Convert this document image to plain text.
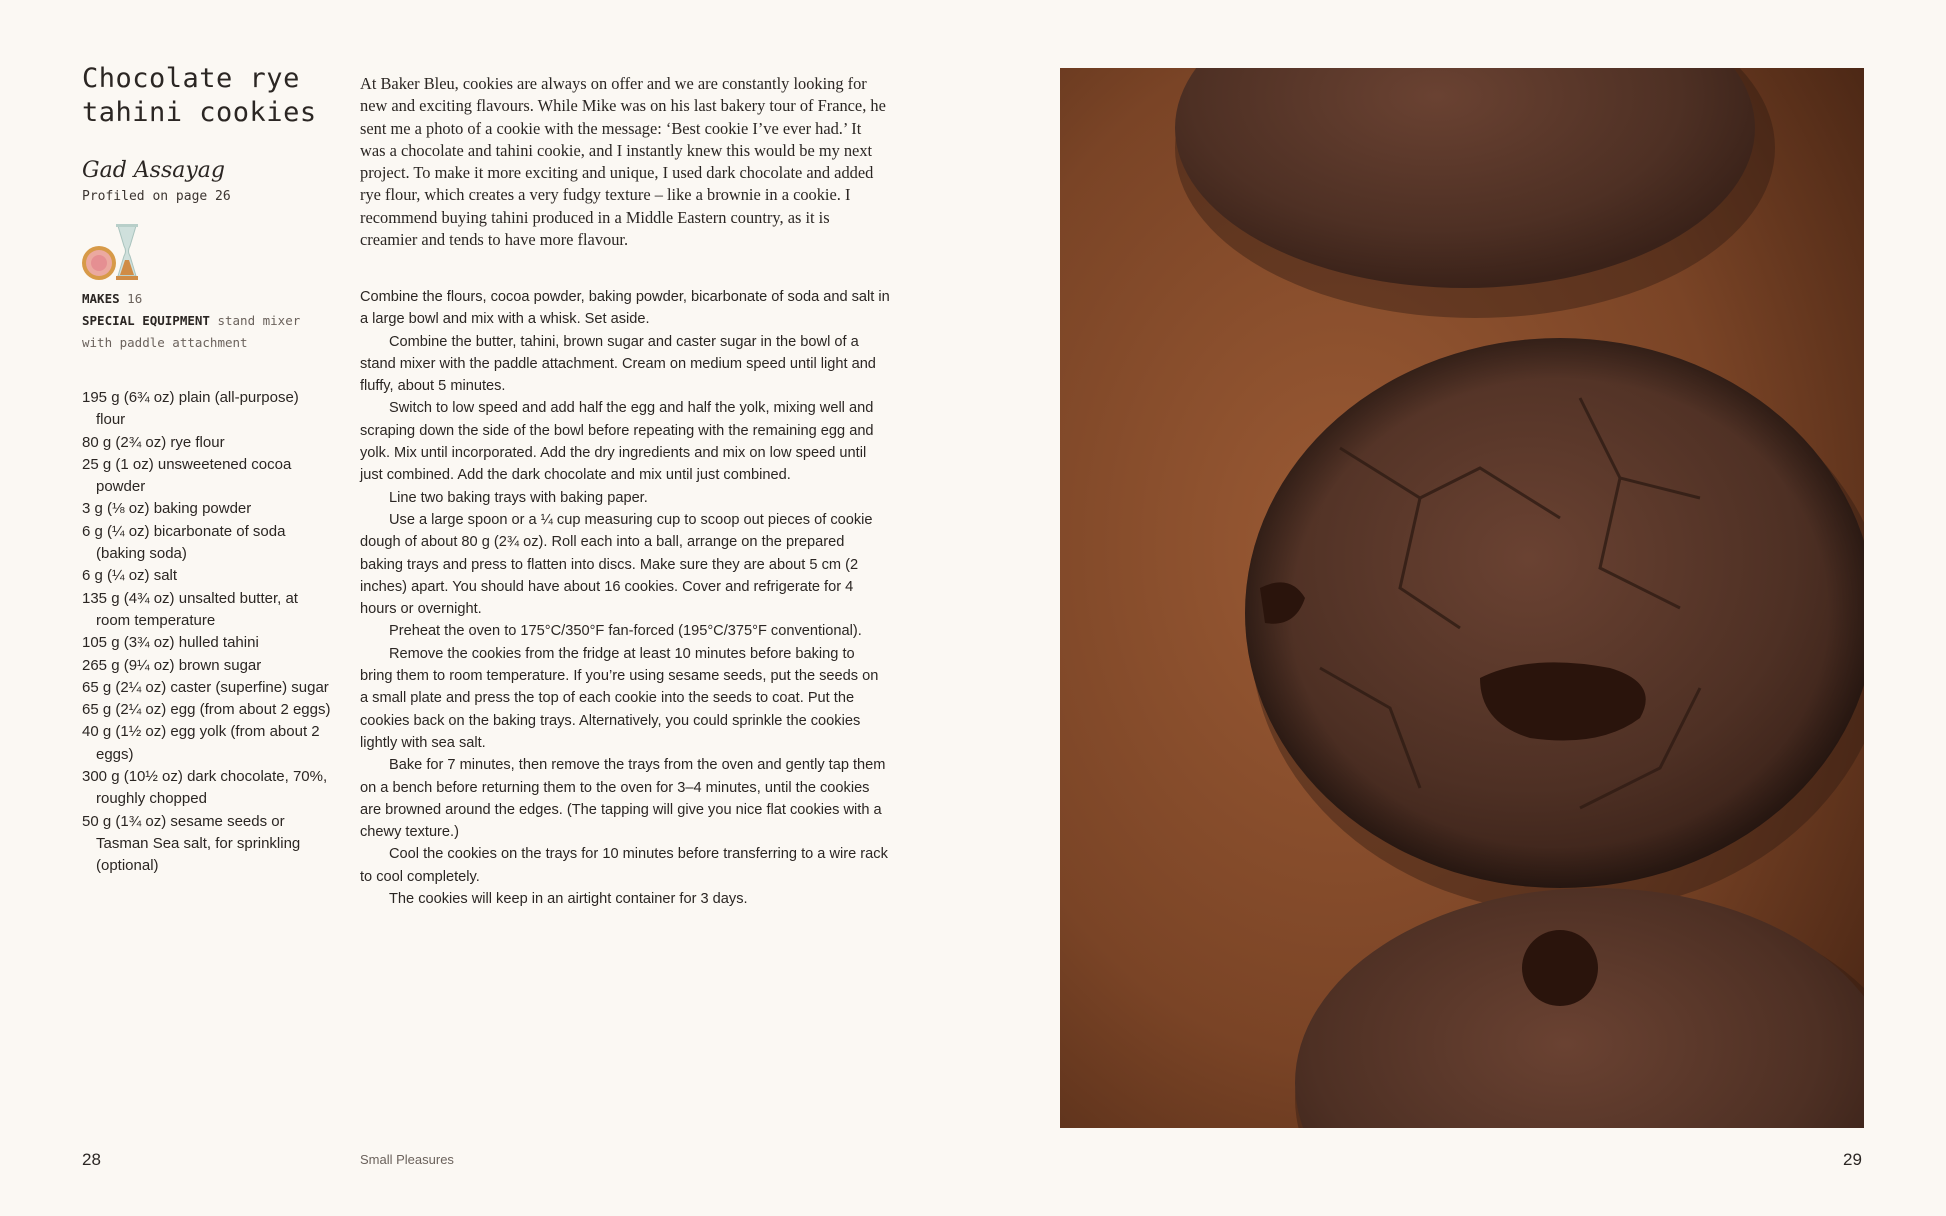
Chocolate rye
tahini cookies
Gad Assayag
Profiled on page 26
MAKES 16
SPECIAL EQUIPMENT stand mixer with paddle attachment
195 g (6¾ oz) plain (all-purpose) flour
80 g (2¾ oz) rye flour
25 g (1 oz) unsweetened cocoa powder
3 g (⅛ oz) baking powder
6 g (¼ oz) bicarbonate of soda (baking soda)
6 g (¼ oz) salt
135 g (4¾ oz) unsalted butter, at room temperature
105 g (3¾ oz) hulled tahini
265 g (9¼ oz) brown sugar
65 g (2¼ oz) caster (superfine) sugar
65 g (2¼ oz) egg (from about 2 eggs)
40 g (1½ oz) egg yolk (from about 2 eggs)
300 g (10½ oz) dark chocolate, 70%, roughly chopped
50 g (1¾ oz) sesame seeds or Tasman Sea salt, for sprinkling (optional)
At Baker Bleu, cookies are always on offer and we are constantly looking for new and exciting flavours. While Mike was on his last bakery tour of France, he sent me a photo of a cookie with the message: ‘Best cookie I’ve ever had.’ It was a chocolate and tahini cookie, and I instantly knew this would be my next project. To make it more exciting and unique, I used dark chocolate and added rye flour, which creates a very fudgy texture – like a brownie in a cookie. I recommend buying tahini produced in a Middle Eastern country, as it is creamier and tends to have more flavour.

Combine the flours, cocoa powder, baking powder, bicarbonate of soda and salt in a large bowl and mix with a whisk. Set aside.

Combine the butter, tahini, brown sugar and caster sugar in the bowl of a stand mixer with the paddle attachment. Cream on medium speed until light and fluffy, about 5 minutes.

Switch to low speed and add half the egg and half the yolk, mixing well and scraping down the side of the bowl before repeating with the remaining egg and yolk. Mix until incorporated. Add the dry ingredients and mix on low speed until just combined. Add the dark chocolate and mix until just combined.

Line two baking trays with baking paper.

Use a large spoon or a ¼ cup measuring cup to scoop out pieces of cookie dough of about 80 g (2¾ oz). Roll each into a ball, arrange on the prepared baking trays and press to flatten into discs. Make sure they are about 5 cm (2 inches) apart. You should have about 16 cookies. Cover and refrigerate for 4 hours or overnight.

Preheat the oven to 175°C/350°F fan-forced (195°C/375°F conventional).

Remove the cookies from the fridge at least 10 minutes before baking to bring them to room temperature. If you’re using sesame seeds, put the seeds on a small plate and press the top of each cookie into the seeds to coat. Put the cookies back on the baking trays. Alternatively, you could sprinkle the cookies lightly with sea salt.

Bake for 7 minutes, then remove the trays from the oven and gently tap them on a bench before returning them to the oven for 3–4 minutes, until the cookies are browned around the edges. (The tapping will give you nice flat cookies with a chewy texture.)

Cool the cookies on the trays for 10 minutes before transferring to a wire rack to cool completely.

The cookies will keep in an airtight container for 3 days.

28	Small Pleasures	29
